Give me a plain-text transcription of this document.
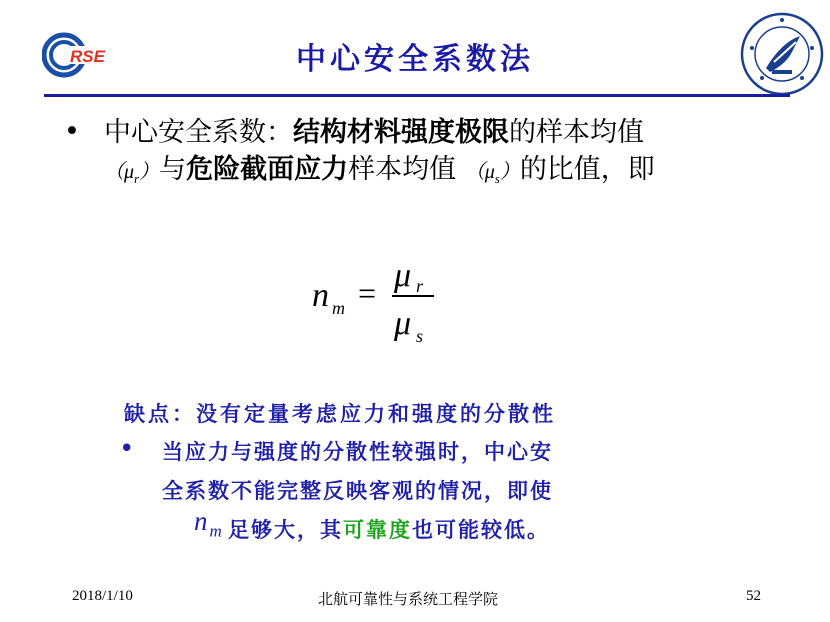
RSE	中心安全系数法
• 中心安全系数：结构材料强度极限的样本均值
$(\mu_r)$与危险截面应力样本均值 $(\mu_s)$的比值，即
n m = μ r
μ s
缺点：没有定量考虑应力和强度的分散性
• 当应力与强度的分散性较强时，中心安
全系数不能完整反映客观的情况，即使
$n_m$ 足够大，其可靠度也可能较低。
2018/1/10	北航可靠性与系统工程学院	52
